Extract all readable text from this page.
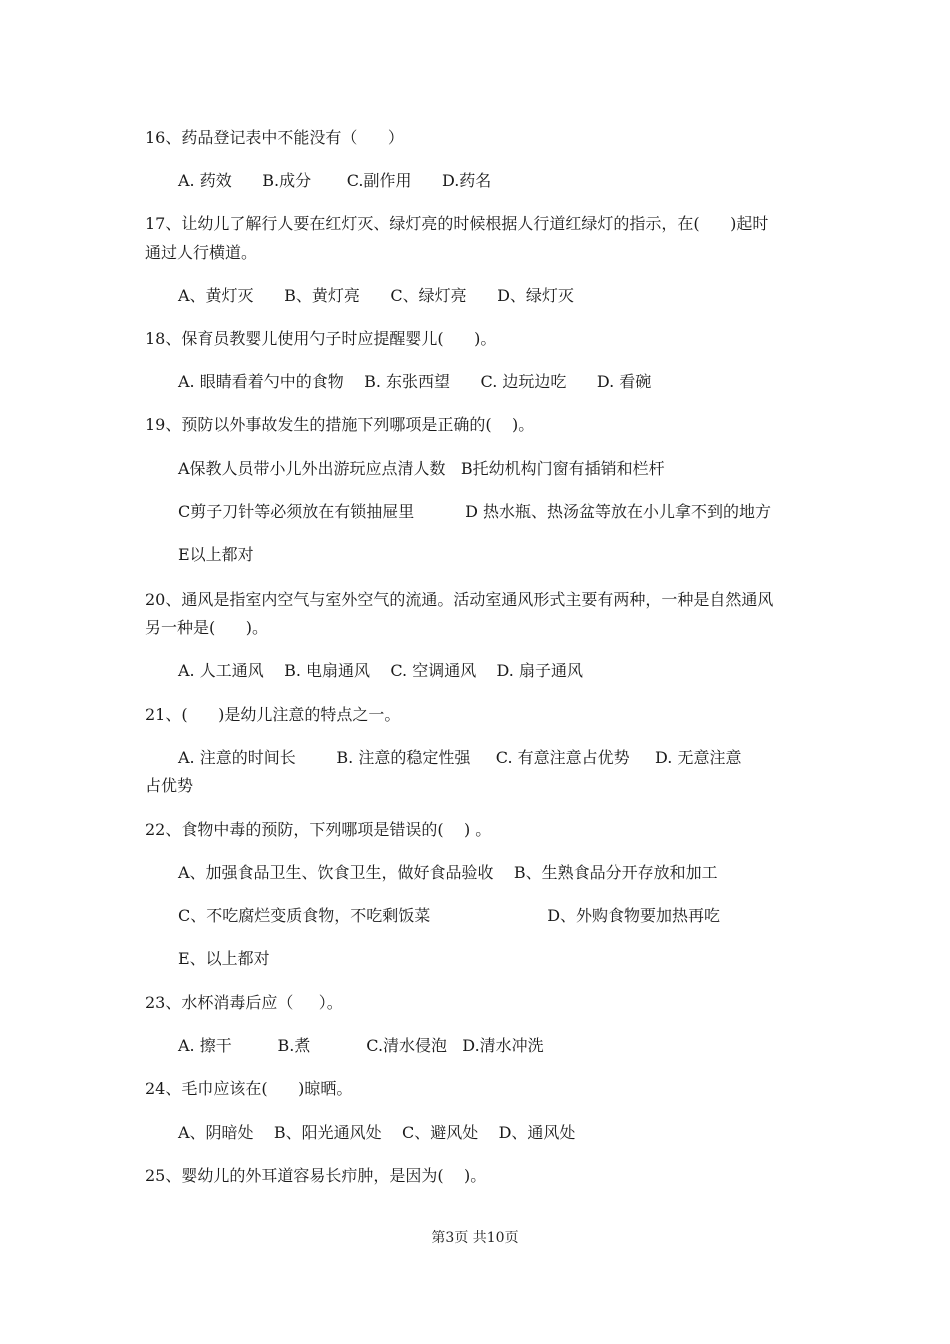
16、药品登记表中不能没有（      ）
A. 药效      B.成分       C.副作用      D.药名
17、让幼儿了解行人要在红灯灭、绿灯亮的时候根据人行道红绿灯的指示，在(      )起时
通过人行横道。
A、黄灯灭      B、黄灯亮      C、绿灯亮      D、绿灯灭
18、保育员教婴儿使用勺子时应提醒婴儿(      )。
A. 眼睛看着勺中的食物    B. 东张西望      C. 边玩边吃      D. 看碗
19、预防以外事故发生的措施下列哪项是正确的(    )。
A保教人员带小儿外出游玩应点清人数   B托幼机构门窗有插销和栏杆
C剪子刀针等必须放在有锁抽屉里          D 热水瓶、热汤盆等放在小儿拿不到的地方
E以上都对
20、通风是指室内空气与室外空气的流通。活动室通风形式主要有两种，一种是自然通风
另一种是(      )。
A. 人工通风    B. 电扇通风    C. 空调通风    D. 扇子通风
21、(      )是幼儿注意的特点之一。
A. 注意的时间长        B. 注意的稳定性强     C. 有意注意占优势     D. 无意注意
占优势
22、食物中毒的预防，下列哪项是错误的(    ) 。
A、加强食品卫生、饮食卫生，做好食品验收    B、生熟食品分开存放和加工
C、不吃腐烂变质食物，不吃剩饭菜                       D、外购食物要加热再吃
E、以上都对
23、水杯消毒后应（     ）。
A. 擦干         B.煮           C.清水侵泡   D.清水冲洗
24、毛巾应该在(      )晾晒。
A、阴暗处    B、阳光通风处    C、避风处    D、通风处
25、婴幼儿的外耳道容易长疖肿，是因为(    )。
第3页 共10页
